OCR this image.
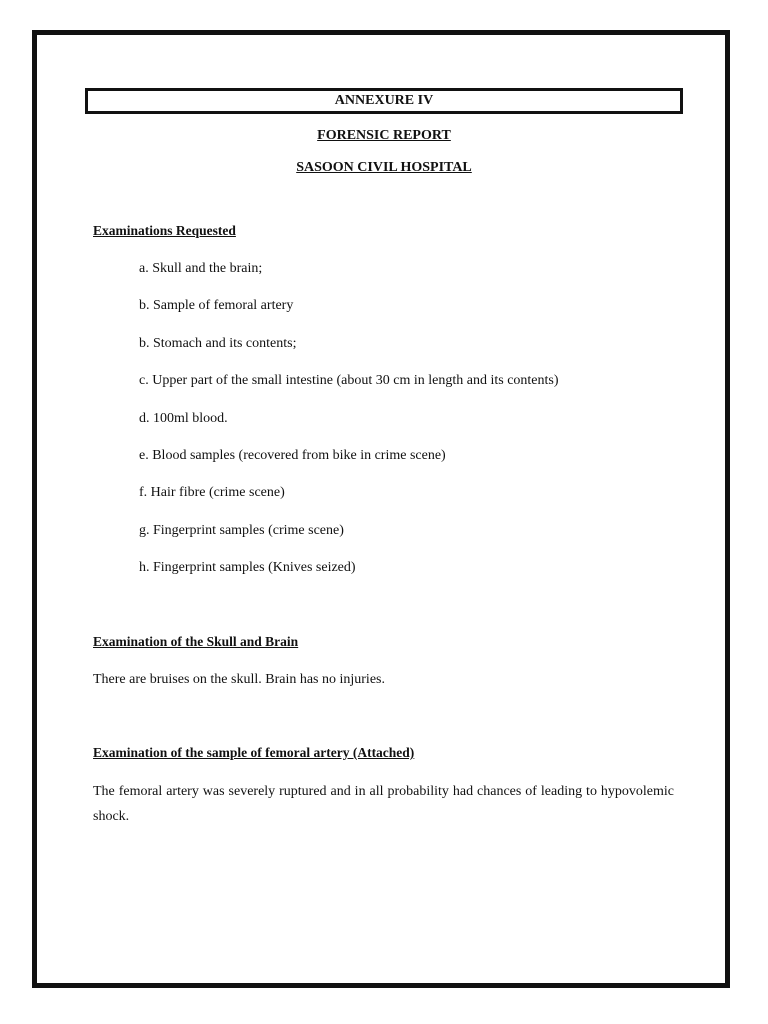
ANNEXURE IV
FORENSIC REPORT
SASOON CIVIL HOSPITAL
Examinations Requested
a. Skull and the brain;
b. Sample of femoral artery
b. Stomach and its contents;
c. Upper part of the small intestine (about 30 cm in length and its contents)
d. 100ml blood.
e. Blood samples (recovered from bike in crime scene)
f. Hair fibre (crime scene)
g. Fingerprint samples (crime scene)
h. Fingerprint samples (Knives seized)
Examination of the Skull and Brain

There are bruises on the skull. Brain has no injuries.

Examination of the sample of femoral artery (Attached)

The femoral artery was severely ruptured and in all probability had chances of leading to hypovolemic shock.
